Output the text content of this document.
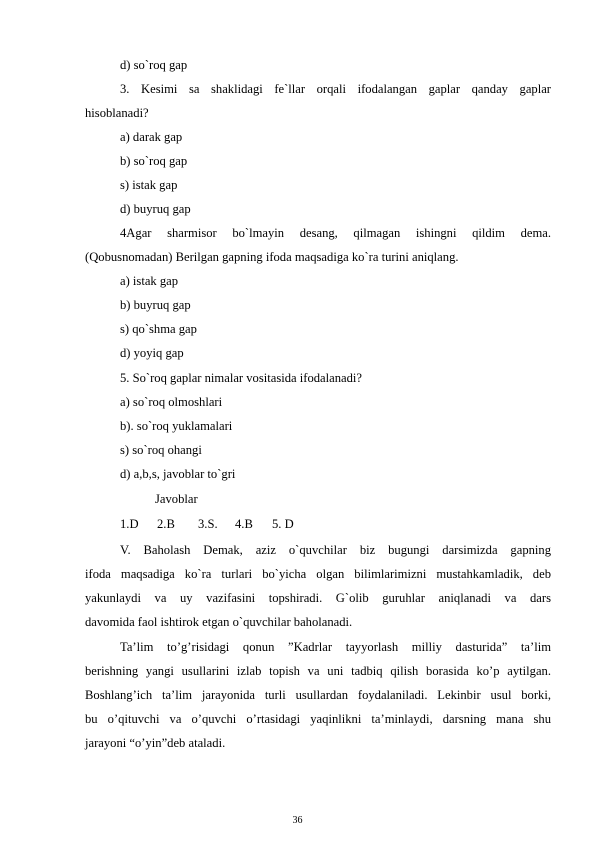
d) so`roq gap
3. Kesimi sa shaklidagi fe`llar orqali ifodalangan gaplar qanday gaplar
hisoblanadi?
a) darak gap
b) so`roq gap
s) istak gap
d) buyruq gap
4Agar sharmisor bo`lmayin desang, qilmagan ishingni qildim dema.
(Qobusnomadan) Berilgan gapning ifoda maqsadiga ko`ra turini aniqlang.
a) istak gap
b) buyruq gap
s) qo`shma gap
d) yoyiq gap
5. So`roq gaplar nimalar vositasida ifodalanadi?
a) so`roq olmoshlari
b). so`roq yuklamalari
s) so`roq ohangi
d) a,b,s, javoblar to`gri
Javoblar
1.D 2.B 3.S. 4.B 5. D
V. Baholash Demak, aziz o`quvchilar biz bugungi darsimizda gapning
ifoda maqsadiga ko`ra turlari bo`yicha olgan bilimlarimizni mustahkamladik, deb
yakunlaydi va uy vazifasini topshiradi. G`olib guruhlar aniqlanadi va dars
davomida faol ishtirok etgan o`quvchilar baholanadi.
Ta’lim to’g’risidagi qonun ”Kadrlar tayyorlash milliy dasturida” ta’lim
berishning yangi usullarini izlab topish va uni tadbiq qilish borasida ko’p aytilgan.
Boshlang’ich ta’lim jarayonida turli usullardan foydalaniladi. Lekinbir usul borki,
bu o’qituvchi va o’quvchi o’rtasidagi yaqinlikni ta’minlaydi, darsning mana shu
jarayoni “o’yin”deb ataladi.
36
